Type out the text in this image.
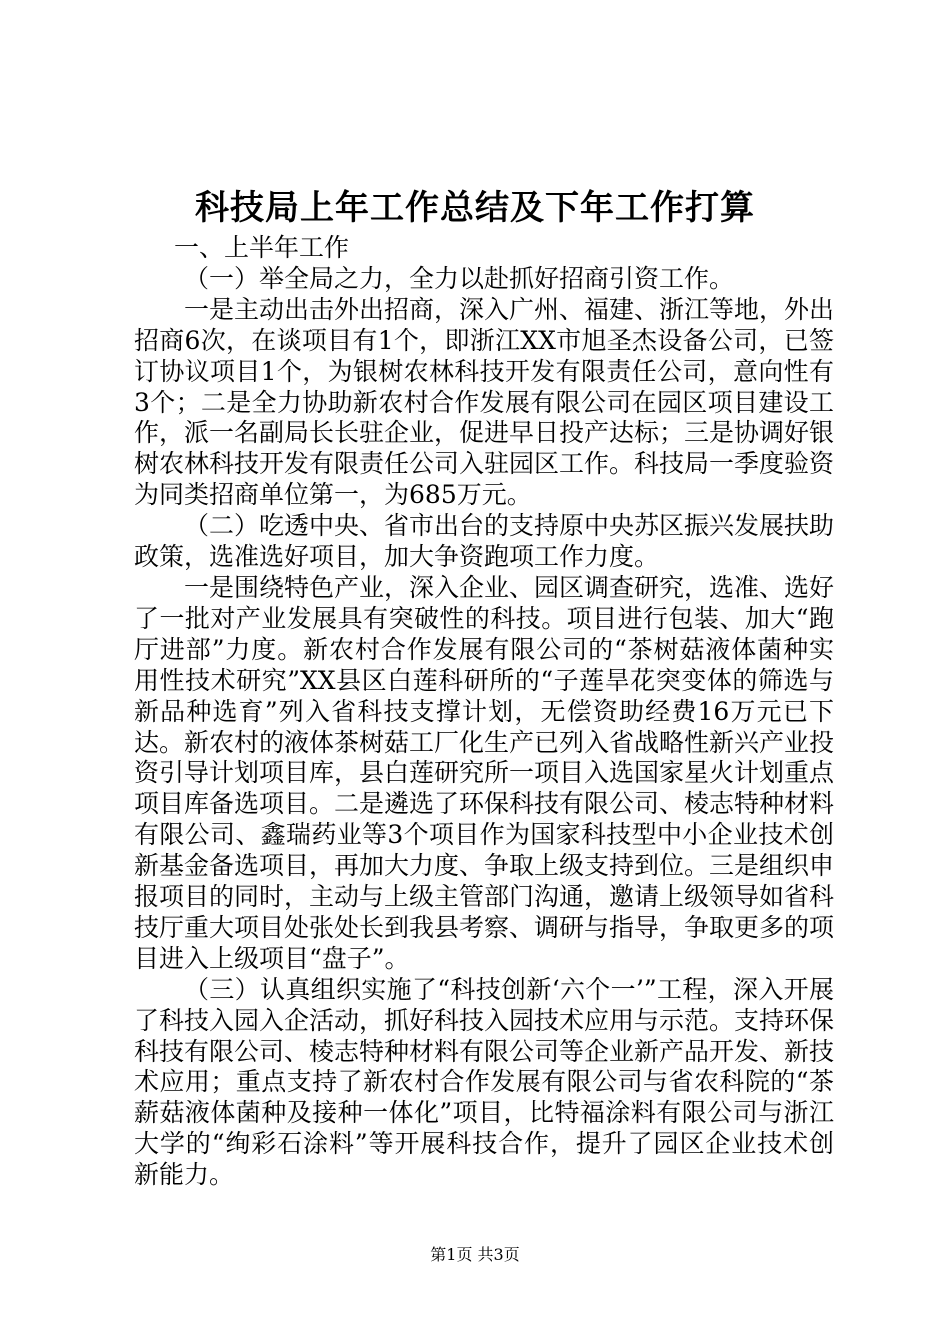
科技局上年工作总结及下年工作打算

一、上半年工作

（一）举全局之力，全力以赴抓好招商引资工作。

一是主动出击外出招商，深入广州、福建、浙江等地，外出招商6次，在谈项目有1个，即浙江XX市旭圣杰设备公司，已签订协议项目1个，为银树农林科技开发有限责任公司，意向性有3个；二是全力协助新农村合作发展有限公司在园区项目建设工作，派一名副局长长驻企业，促进早日投产达标；三是协调好银树农林科技开发有限责任公司入驻园区工作。科技局一季度验资为同类招商单位第一，为685万元。

（二）吃透中央、省市出台的支持原中央苏区振兴发展扶助政策，选准选好项目，加大争资跑项工作力度。

一是围绕特色产业，深入企业、园区调查研究，选准、选好了一批对产业发展具有突破性的科技。项目进行包装、加大“跑厅进部”力度。新农村合作发展有限公司的“茶树菇液体菌种实用性技术研究”XX县区白莲科研所的“子莲旱花突变体的筛选与新品种选育”列入省科技支撑计划，无偿资助经费16万元已下达。新农村的液体茶树菇工厂化生产已列入省战略性新兴产业投资引导计划项目库，县白莲研究所一项目入选国家星火计划重点项目库备选项目。二是遴选了环保科技有限公司、棱志特种材料有限公司、鑫瑞药业等3个项目作为国家科技型中小企业技术创新基金备选项目，再加大力度、争取上级支持到位。三是组织申报项目的同时，主动与上级主管部门沟通，邀请上级领导如省科技厅重大项目处张处长到我县考察、调研与指导，争取更多的项目进入上级项目“盘子”。

（三）认真组织实施了“科技创新‘六个一’”工程，深入开展了科技入园入企活动，抓好科技入园技术应用与示范。支持环保科技有限公司、棱志特种材料有限公司等企业新产品开发、新技术应用；重点支持了新农村合作发展有限公司与省农科院的“茶薪菇液体菌种及接种一体化”项目，比特福涂料有限公司与浙江大学的“绚彩石涂料”等开展科技合作，提升了园区企业技术创新能力。

第1页 共3页
